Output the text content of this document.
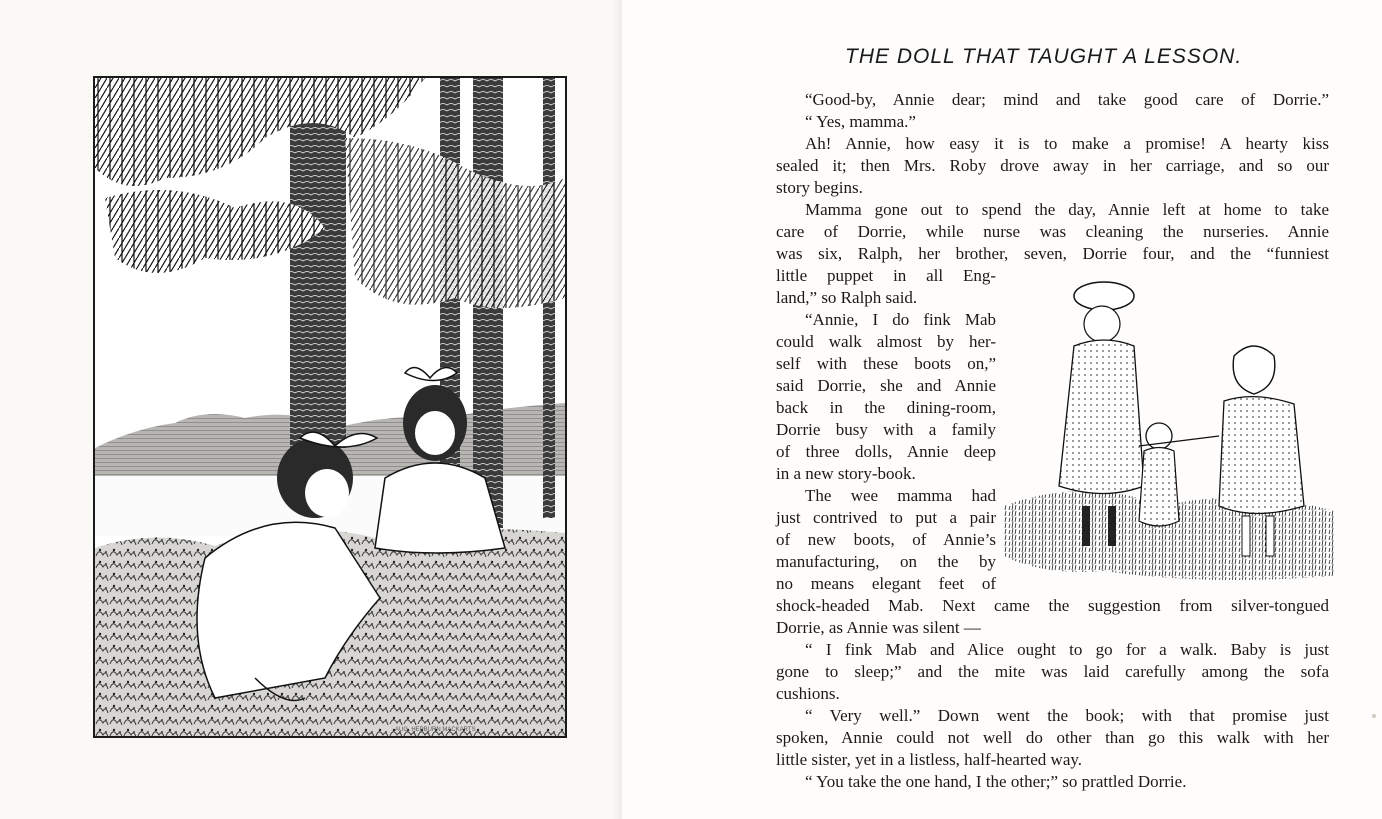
AUG. HEPBURN MACKARTS
THE DOLL THAT TAUGHT A LESSON.
“Good-by, Annie dear; mind and take good care of Dorrie.”
“ Yes, mamma.”
Ah! Annie, how easy it is to make a promise! A hearty kiss
sealed it; then Mrs. Roby drove away in her carriage, and so our
story begins.
Mamma gone out to spend the day, Annie left at home to take
care of Dorrie, while nurse was cleaning the nurseries. Annie
was six, Ralph, her brother, seven, Dorrie four, and the “funniest
little puppet in all Eng-
land,” so Ralph said.
“Annie, I do fink Mab
could walk almost by her-
self with these boots on,”
said Dorrie, she and Annie
back in the dining-room,
Dorrie busy with a family
of three dolls, Annie deep
in a new story-book.
The wee mamma had
just contrived to put a pair
of new boots, of Annie’s
manufacturing, on the by
no means elegant feet of
shock-headed Mab. Next came the suggestion from silver-tongued
Dorrie, as Annie was silent —
“ I fink Mab and Alice ought to go for a walk. Baby is just
gone to sleep;” and the mite was laid carefully among the sofa
cushions.
“ Very well.” Down went the book; with that promise just
spoken, Annie could not well do other than go this walk with her
little sister, yet in a listless, half-hearted way.
“ You take the one hand, I the other;” so prattled Dorrie.
